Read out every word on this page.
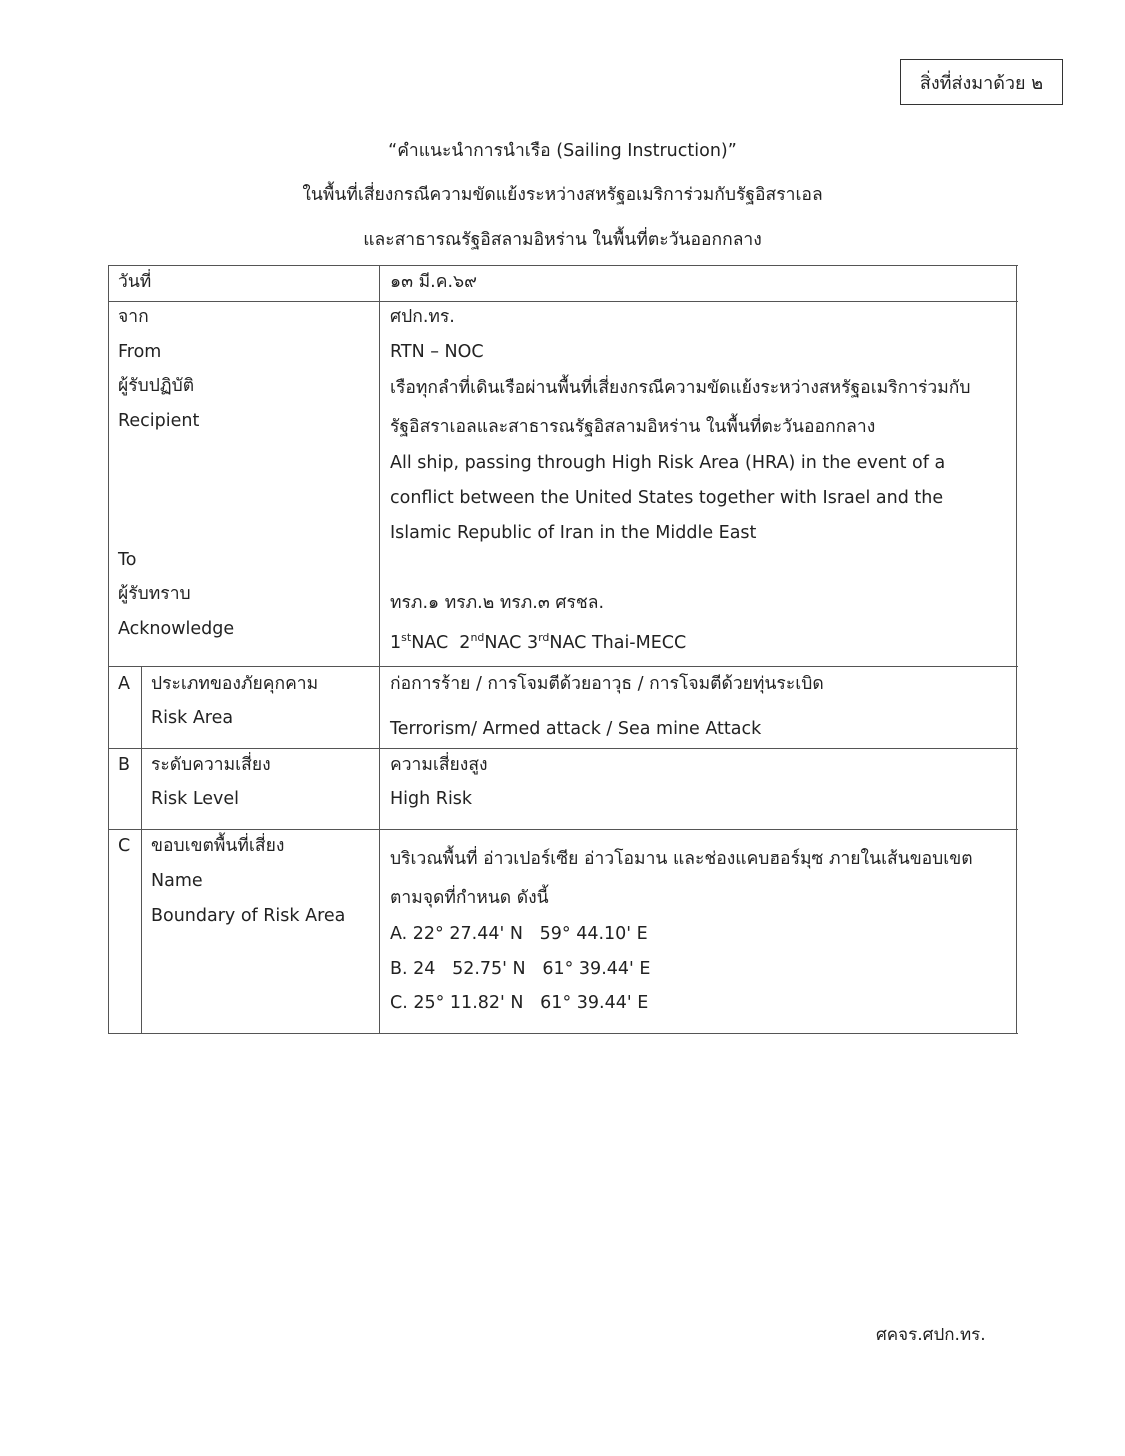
สิ่งที่ส่งมาด้วย ๒
“คำแนะนำการนำเรือ (Sailing Instruction)”
ในพื้นที่เสี่ยงกรณีความขัดแย้งระหว่างสหรัฐอเมริการ่วมกับรัฐอิสราเอล
และสาธารณรัฐอิสลามอิหร่าน ในพื้นที่ตะวันออกกลาง
วันที่	๑๓ มี.ค.๖๙
จาก
From
ผู้รับปฏิบัติ
Recipient
To
ผู้รับทราบ
Acknowledge
ศปก.ทร.
RTN – NOC
เรือทุกลำที่เดินเรือผ่านพื้นที่เสี่ยงกรณีความขัดแย้งระหว่างสหรัฐอเมริการ่วมกับ
รัฐอิสราเอลและสาธารณรัฐอิสลามอิหร่าน ในพื้นที่ตะวันออกกลาง
All ship, passing through High Risk Area (HRA) in the event of a
conflict between the United States together with Israel and the
Islamic Republic of Iran in the Middle East
ทรภ.๑ ทรภ.๒ ทรภ.๓ ศรชล.
1stNAC  2ndNAC 3rdNAC Thai-MECC
A ประเภทของภัยคุกคาม
Risk Area
ก่อการร้าย / การโจมตีด้วยอาวุธ / การโจมตีด้วยทุ่นระเบิด
Terrorism/ Armed attack / Sea mine Attack
B ระดับความเสี่ยง
Risk Level
ความเสี่ยงสูง
High Risk
C ขอบเขตพื้นที่เสี่ยง
Name
Boundary of Risk Area
บริเวณพื้นที่ อ่าวเปอร์เซีย อ่าวโอมาน และช่องแคบฮอร์มุซ ภายในเส้นขอบเขต
ตามจุดที่กำหนด ดังนี้
A. 22° 27.44' N   59° 44.10' E
B. 24   52.75' N   61° 39.44' E
C. 25° 11.82' N   61° 39.44' E
ศคจร.ศปก.ทร.
